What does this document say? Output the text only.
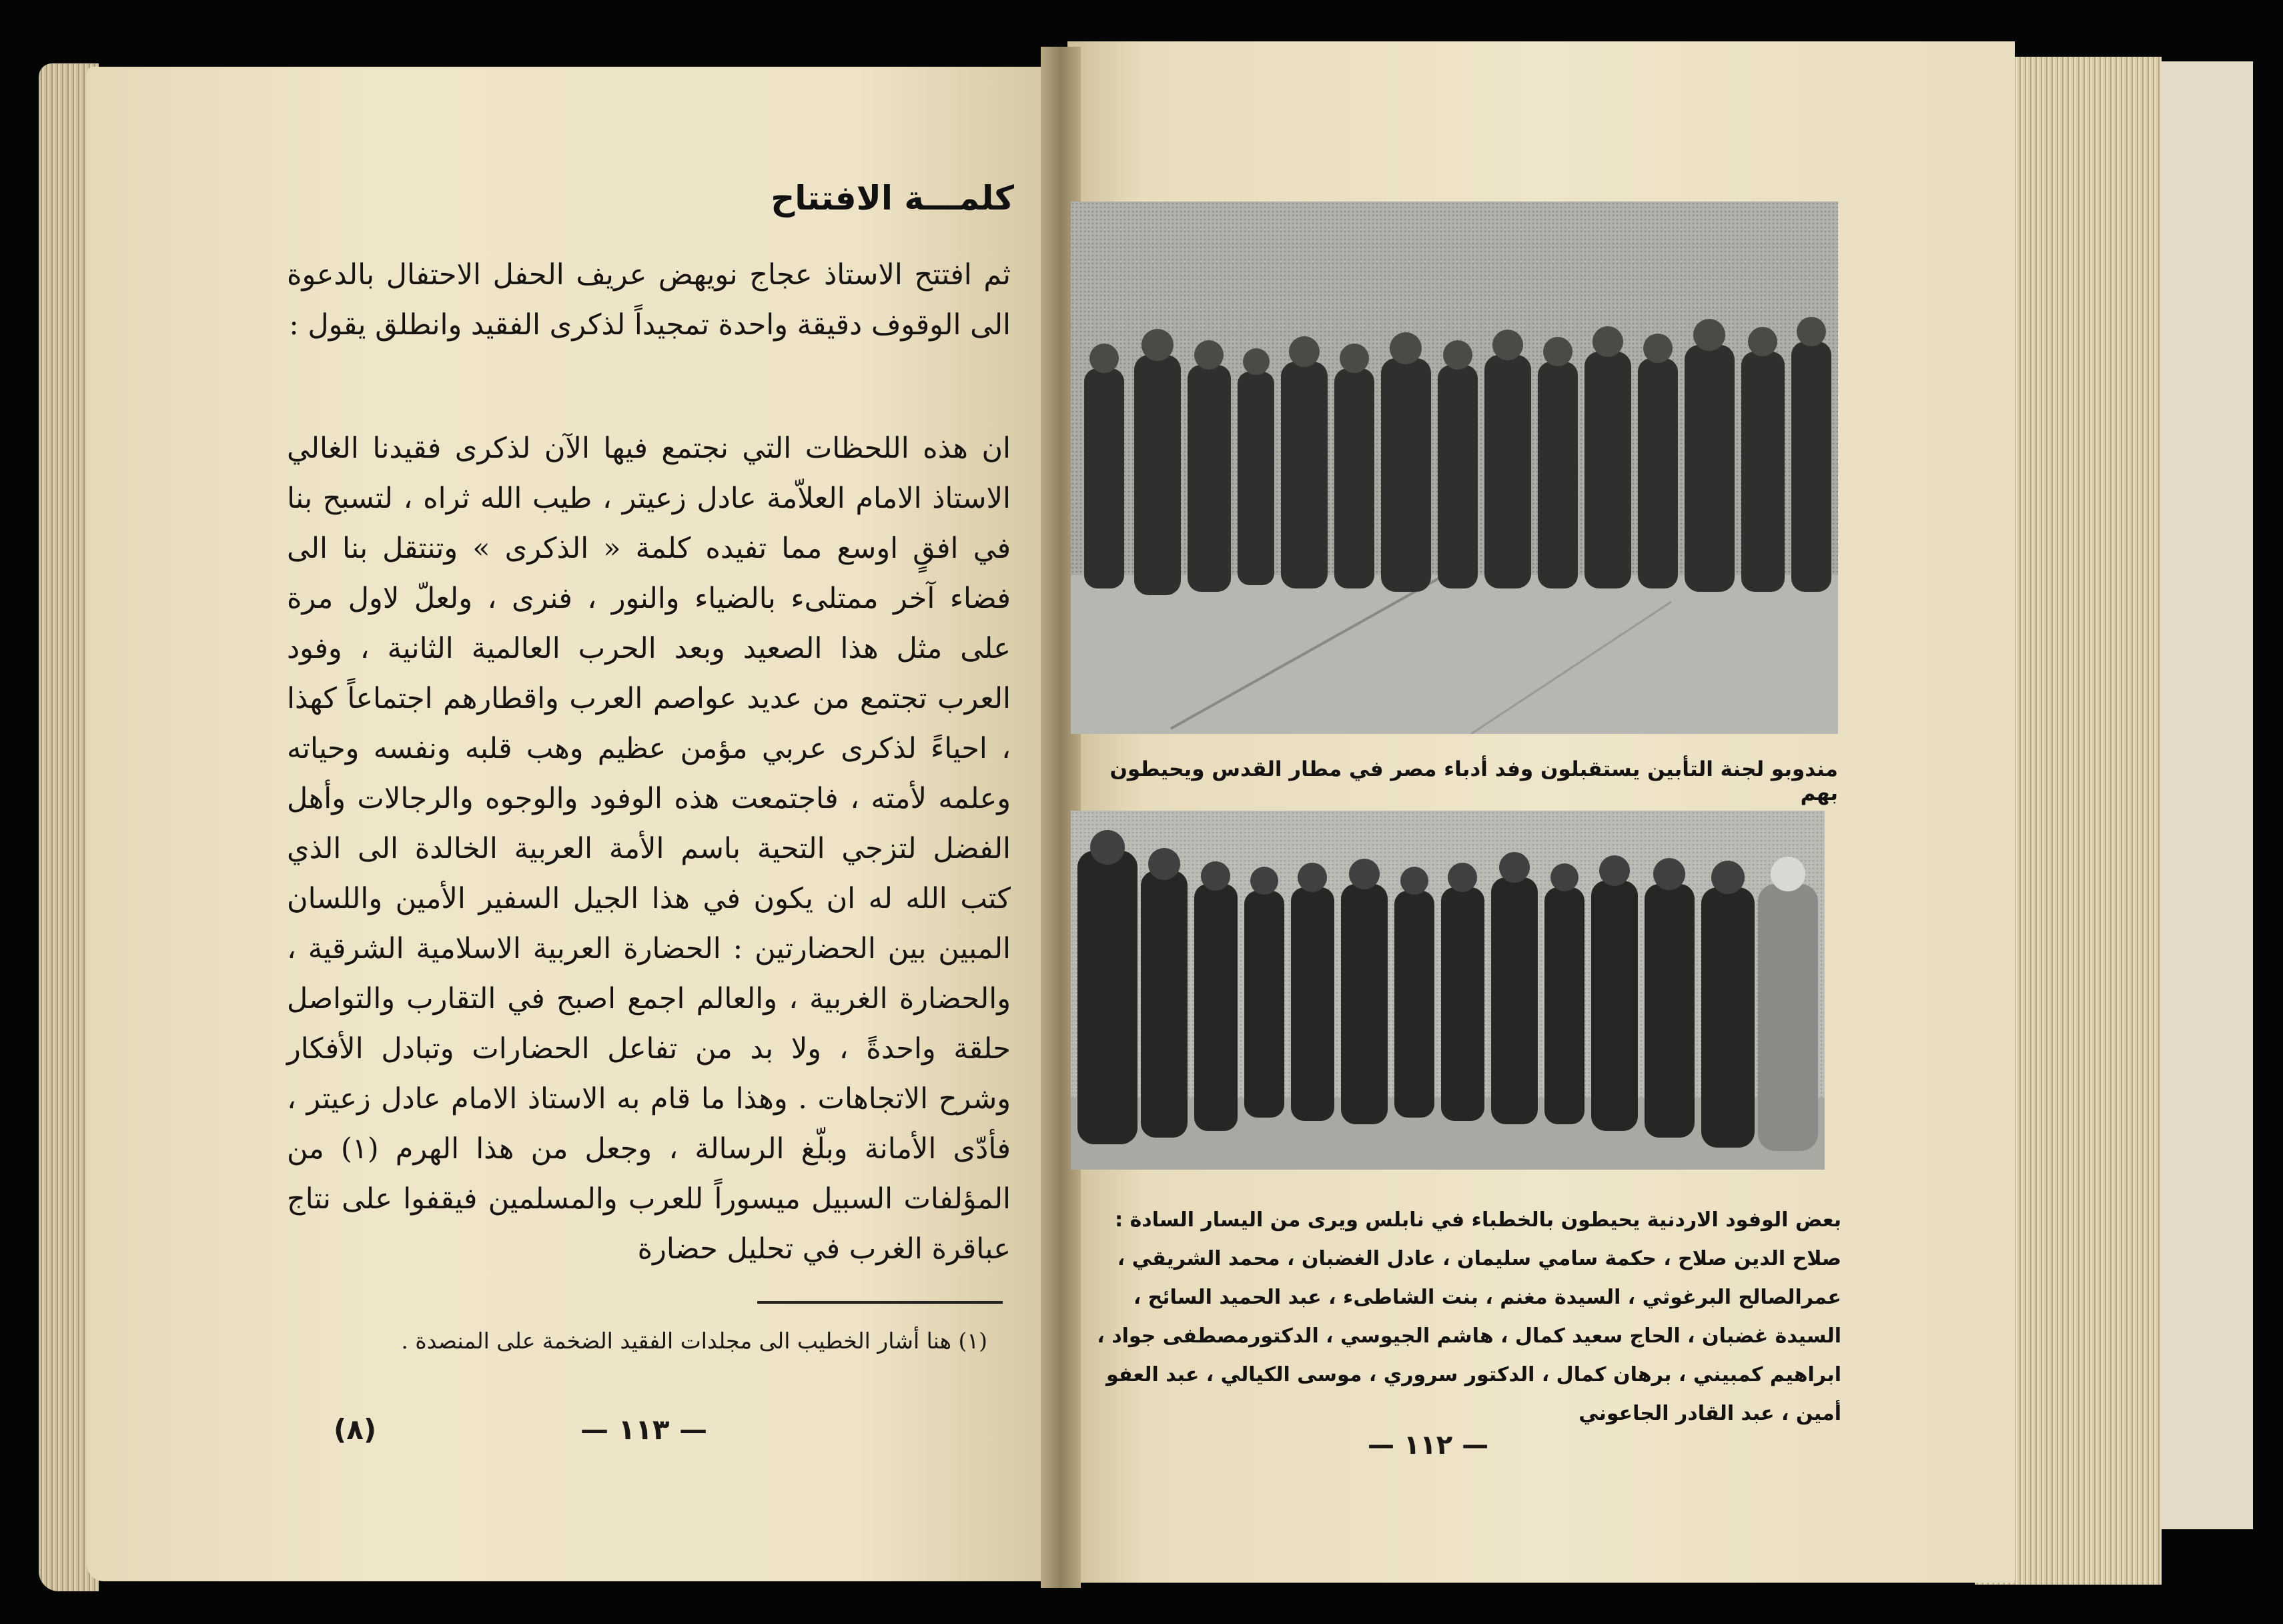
كلمـــة الافتتاح
ثم افتتح الاستاذ عجاج نويهض عريف الحفل الاحتفال بالدعوة الى الوقوف دقيقة واحدة تمجيداً لذكرى الفقيد وانطلق يقول :
ان هذه اللحظات التي نجتمع فيها الآن لذكرى فقيدنا الغالي الاستاذ الامام العلاّمة عادل زعيتر ، طيب الله ثراه ، لتسبح بنا في افقٍ اوسع مما تفيده كلمة « الذكرى » وتنتقل بنا الى فضاء آخر ممتلىء بالضياء والنور ، فنرى ، ولعلّ لاول مرة على مثل هذا الصعيد وبعد الحرب العالمية الثانية ، وفود العرب تجتمع من عديد عواصم العرب واقطارهم اجتماعاً كهذا ، احياءً لذكرى عربي مؤمن عظيم وهب قلبه ونفسه وحياته وعلمه لأمته ، فاجتمعت هذه الوفود والوجوه والرجالات وأهل الفضل لتزجي التحية باسم الأمة العربية الخالدة الى الذي كتب الله له ان يكون في هذا الجيل السفير الأمين واللسان المبين بين الحضارتين : الحضارة العربية الاسلامية الشرقية ، والحضارة الغربية ، والعالم اجمع اصبح في التقارب والتواصل حلقة واحدةً ، ولا بد من تفاعل الحضارات وتبادل الأفكار وشرح الاتجاهات . وهذا ما قام به الاستاذ الامام عادل زعيتر ، فأدّى الأمانة وبلّغ الرسالة ، وجعل من هذا الهرم (١) من المؤلفات السبيل ميسوراً للعرب والمسلمين فيقفوا على نتاج عباقرة الغرب في تحليل حضارة
(١) هنا أشار الخطيب الى مجلدات الفقيد الضخمة على المنصدة .
(٨)	— ١١٣ —
مندوبو لجنة التأبين يستقبلون وفد أدباء مصر في مطار القدس ويحيطون بهم
بعض الوفود الاردنية يحيطون بالخطباء في نابلس ويرى من اليسار السادة : صلاح الدين صلاح ، حكمة سامي سليمان ، عادل الغضبان ، محمد الشريقي ، عمرالصالح البرغوثي ، السيدة مغنم ، بنت الشاطىء ، عبد الحميد السائح ، السيدة غضبان ، الحاج سعيد كمال ، هاشم الجيوسي ، الدكتورمصطفى جواد ، ابراهيم كمبيني ، برهان كمال ، الدكتور سروري ، موسى الكيالي ، عبد العفو أمين ، عبد القادر الجاعوني
— ١١٢ —
